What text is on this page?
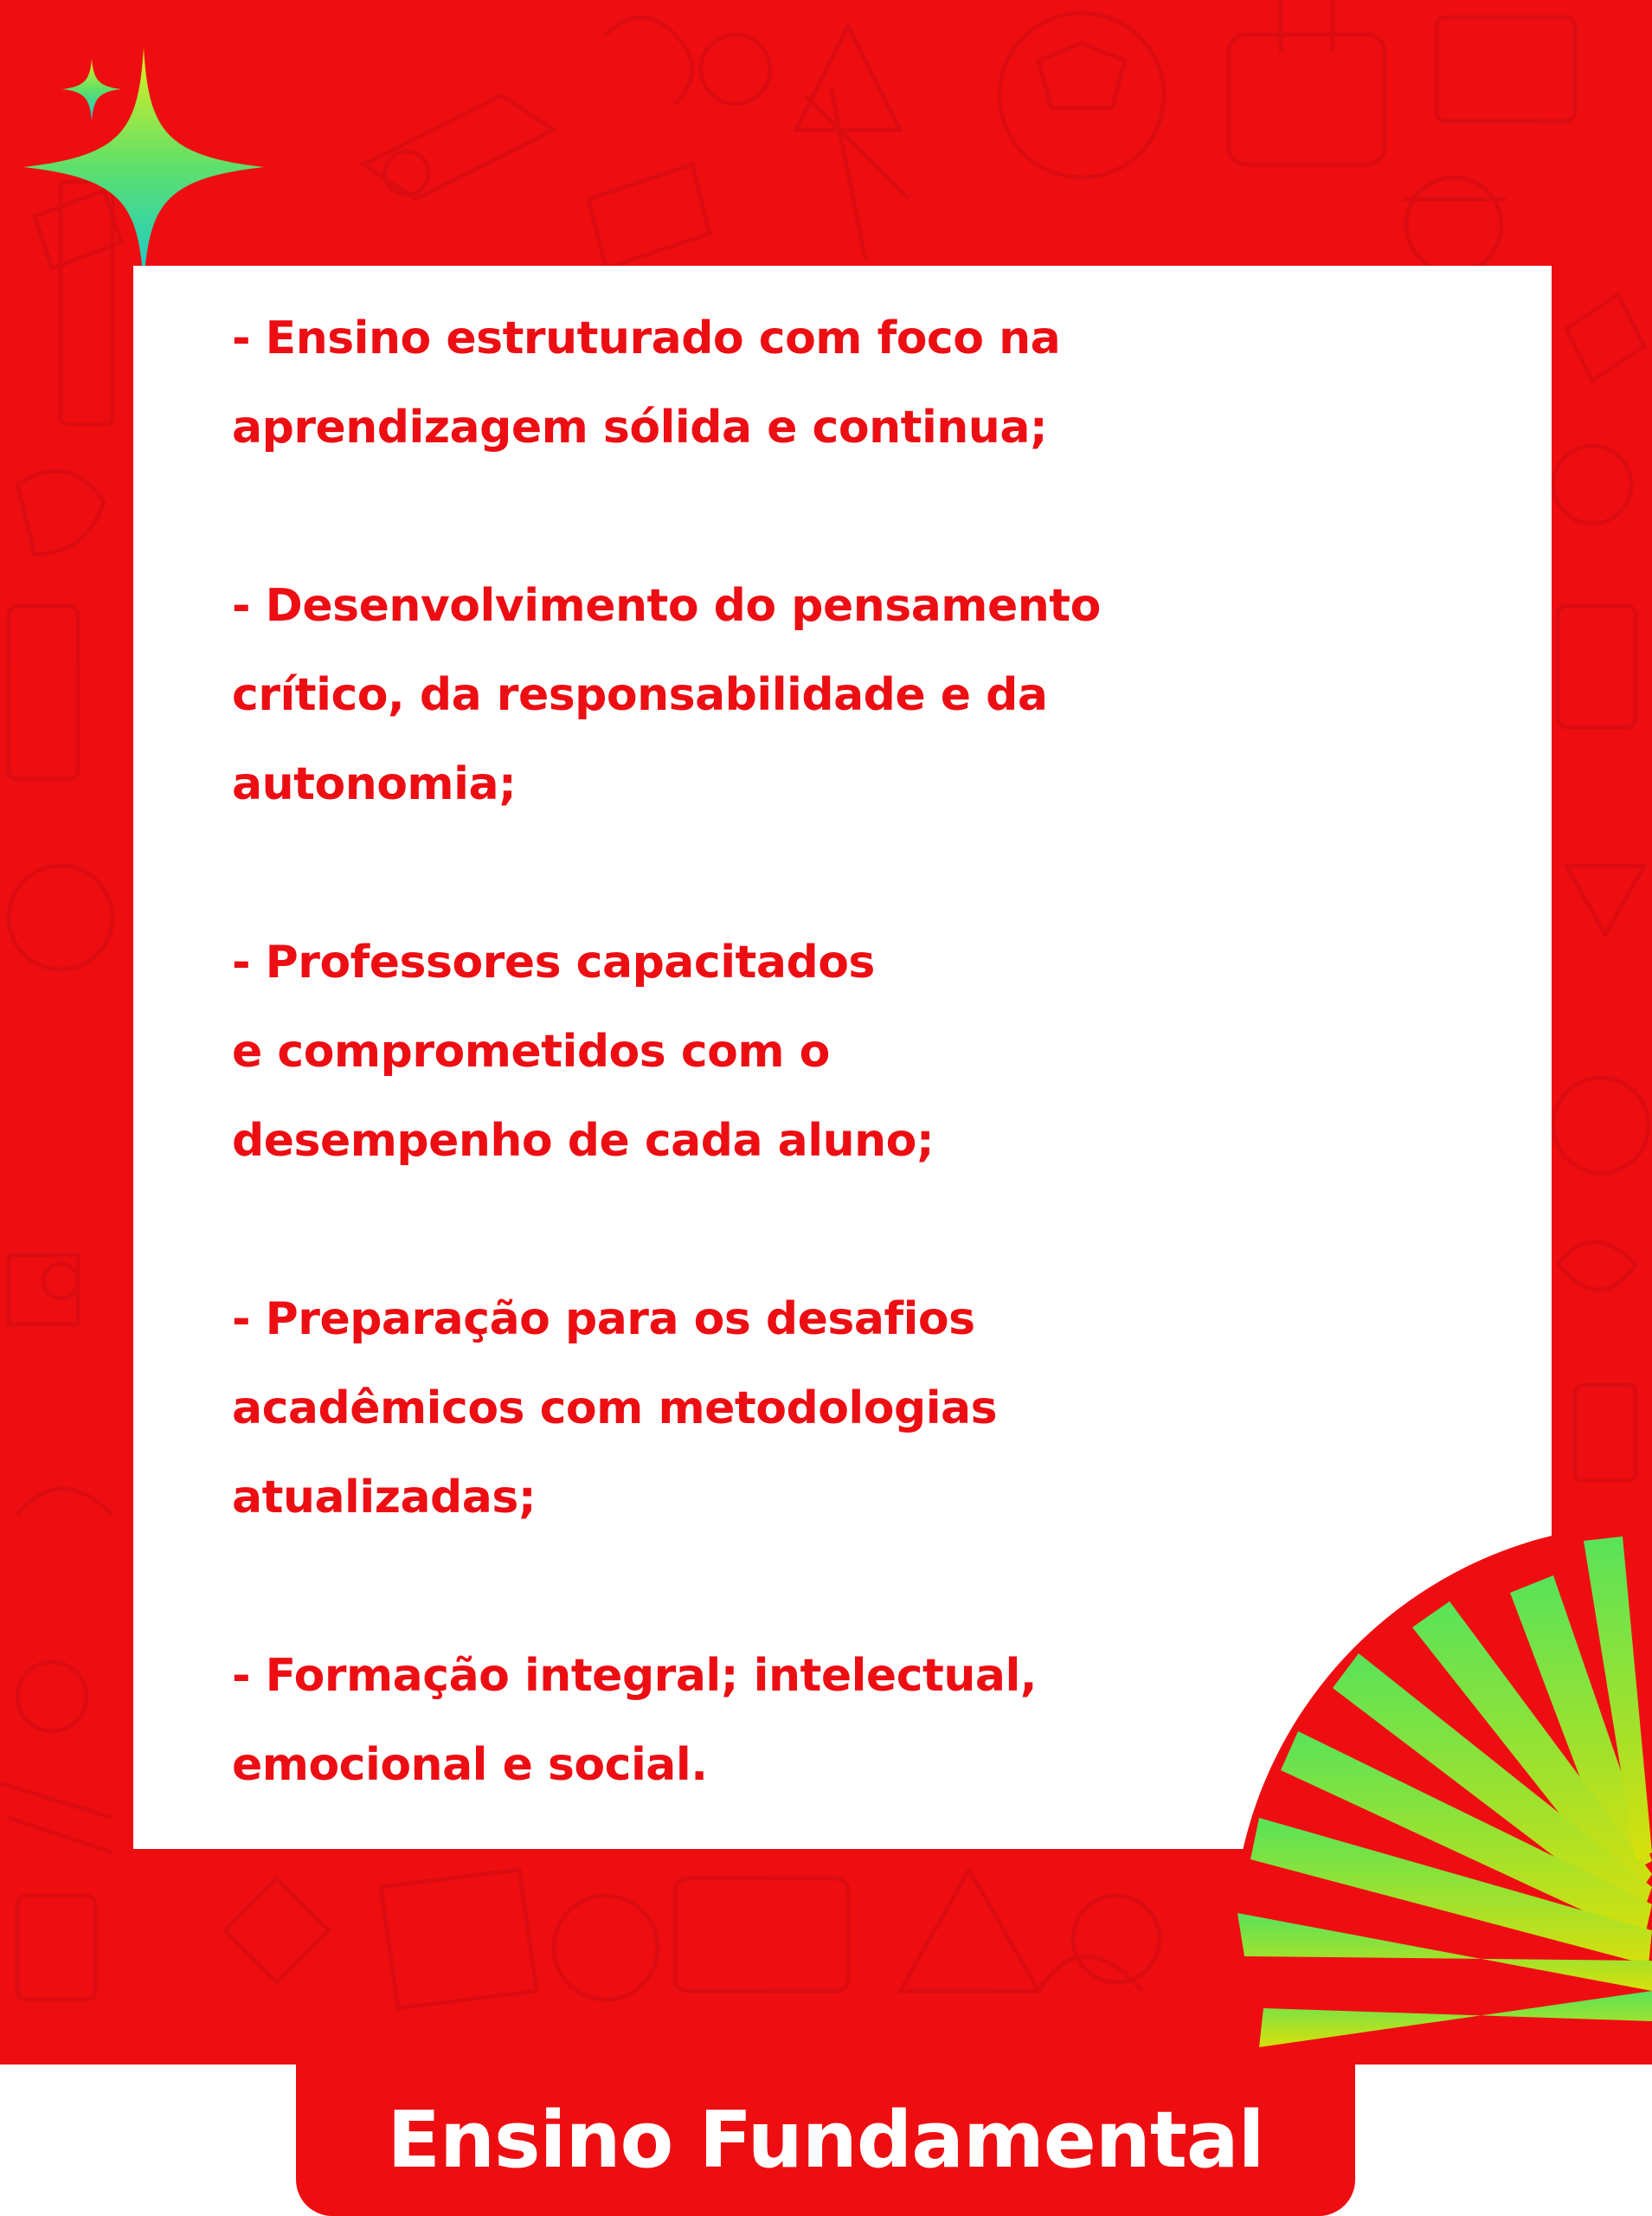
- Ensino estruturado com foco na
aprendizagem sólida e continua;
- Desenvolvimento do pensamento
crítico, da responsabilidade e da
autonomia;
- Professores capacitados
e comprometidos com o
desempenho de cada aluno;
- Preparação para os desafios
acadêmicos com metodologias
atualizadas;
- Formação integral; intelectual,
emocional e social.
Ensino Fundamental
